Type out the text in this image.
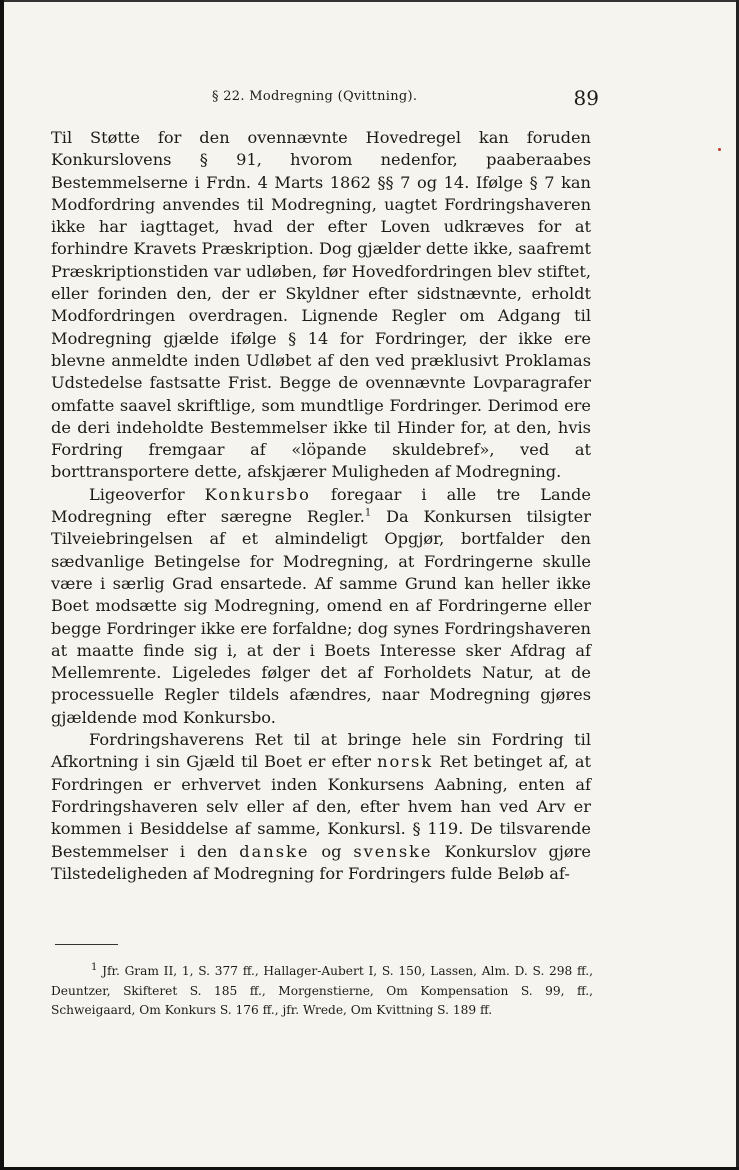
§ 22. Modregning (Qvittning).	89

Til Støtte for den ovennævnte Hovedregel kan foruden Konkurslovens § 91, hvorom nedenfor, paaberaabes Bestemmelserne i Frdn. 4 Marts 1862 §§ 7 og 14. Ifølge § 7 kan Modfordring anvendes til Modregning, uagtet Fordringshaveren ikke har iagttaget, hvad der efter Loven udkræves for at forhindre Kravets Præskription. Dog gjælder dette ikke, saafremt Præskriptionstiden var udløben, før Hovedfordringen blev stiftet, eller forinden den, der er Skyldner efter sidstnævnte, erholdt Modfordringen overdragen. Lignende Regler om Adgang til Modregning gjælde ifølge § 14 for Fordringer, der ikke ere blevne anmeldte inden Udløbet af den ved præklusivt Proklamas Udstedelse fastsatte Frist. Begge de ovennævnte Lovparagrafer omfatte saavel skriftlige, som mundtlige Fordringer. Derimod ere de deri indeholdte Bestemmelser ikke til Hinder for, at den, hvis Fordring fremgaar af «löpande skuldebref», ved at borttransportere dette, afskjærer Muligheden af Modregning.

Ligeoverfor Konkursbo foregaar i alle tre Lande Modregning efter særegne Regler.$^1$ Da Konkursen tilsigter Tilveiebringelsen af et almindeligt Opgjør, bortfalder den sædvanlige Betingelse for Modregning, at Fordringerne skulle være i særlig Grad ensartede. Af samme Grund kan heller ikke Boet modsætte sig Modregning, omend en af Fordringerne eller begge Fordringer ikke ere forfaldne; dog synes Fordringshaveren at maatte finde sig i, at der i Boets Interesse sker Afdrag af Mellemrente. Ligeledes følger det af Forholdets Natur, at de processuelle Regler tildels afændres, naar Modregning gjøres gjældende mod Konkursbo.

Fordringshaverens Ret til at bringe hele sin Fordring til Afkortning i sin Gjæld til Boet er efter norsk Ret betinget af, at Fordringen er erhvervet inden Konkursens Aabning, enten af Fordringshaveren selv eller af den, efter hvem han ved Arv er kommen i Besiddelse af samme, Konkursl. § 119. De tilsvarende Bestemmelser i den danske og svenske Konkurslov gjøre Tilstedeligheden af Modregning for Fordringers fulde Beløb af-

$^1$ Jfr. Gram II, 1, S. 377 ff., Hallager-Aubert I, S. 150, Lassen, Alm. D. S. 298 ff., Deuntzer, Skifteret S. 185 ff., Morgenstierne, Om Kompensation S. 99, ff., Schweigaard, Om Konkurs S. 176 ff., jfr. Wrede, Om Kvittning S. 189 ff.
